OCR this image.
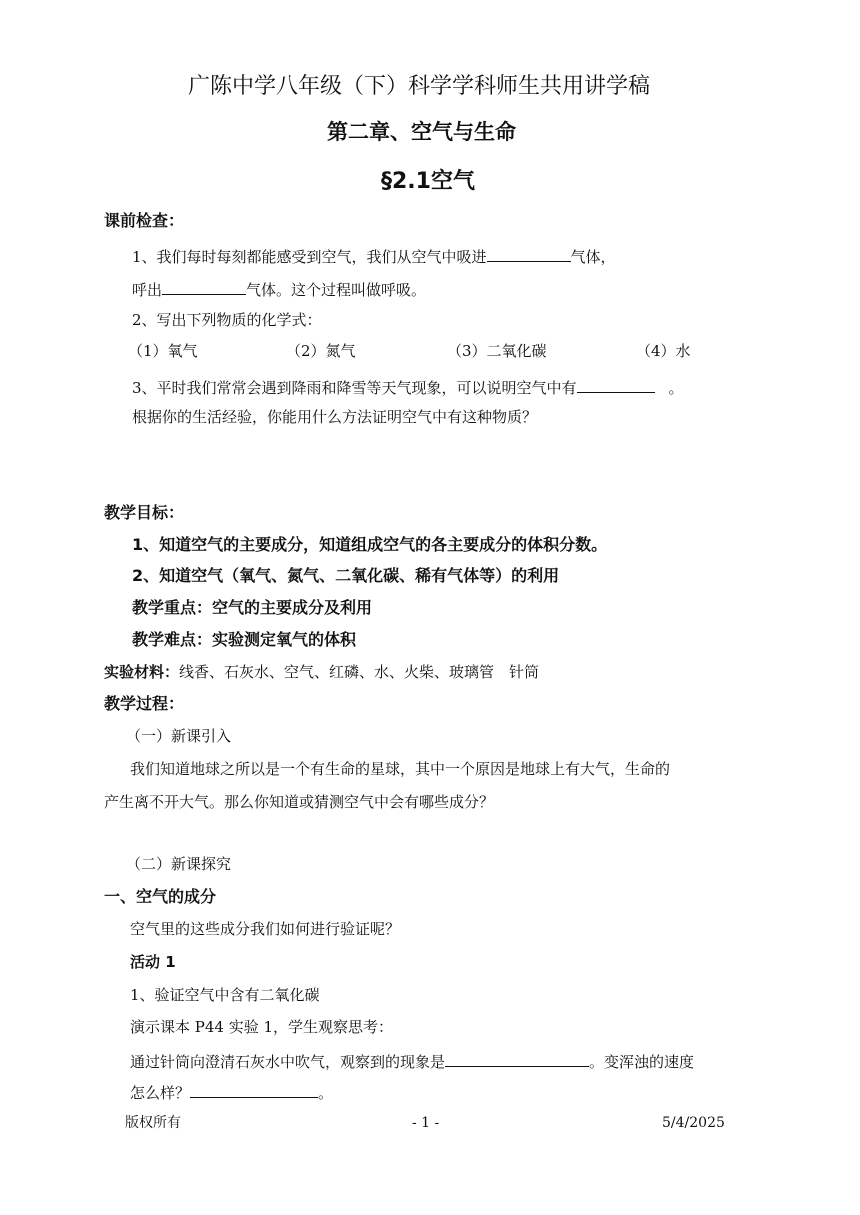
广陈中学八年级（下）科学学科师生共用讲学稿
第二章、空气与生命
§2.1空气
课前检查：
1、我们每时每刻都能感受到空气，我们从空气中吸进	气体，
呼出	气体。这个过程叫做呼吸。
2、写出下列物质的化学式：
（1）氧气	（2）氮气	（3）二氧化碳	（4）水
3、平时我们常常会遇到降雨和降雪等天气现象，可以说明空气中有	。
根据你的生活经验，你能用什么方法证明空气中有这种物质？
教学目标：
1、知道空气的主要成分，知道组成空气的各主要成分的体积分数。
2、知道空气（氧气、氮气、二氧化碳、稀有气体等）的利用
教学重点：空气的主要成分及利用
教学难点：实验测定氧气的体积
实验材料：线香、石灰水、空气、红磷、水、火柴、玻璃管　针筒
教学过程：
（一）新课引入
我们知道地球之所以是一个有生命的星球，其中一个原因是地球上有大气，生命的
产生离不开大气。那么你知道或猜测空气中会有哪些成分？
（二）新课探究
一、空气的成分
空气里的这些成分我们如何进行验证呢？
活动 1
1、验证空气中含有二氧化碳
演示课本 P44 实验 1，学生观察思考：
通过针筒向澄清石灰水中吹气，观察到的现象是	。变浑浊的速度
怎么样？	。
版权所有	- 1 -	5/4/2025
